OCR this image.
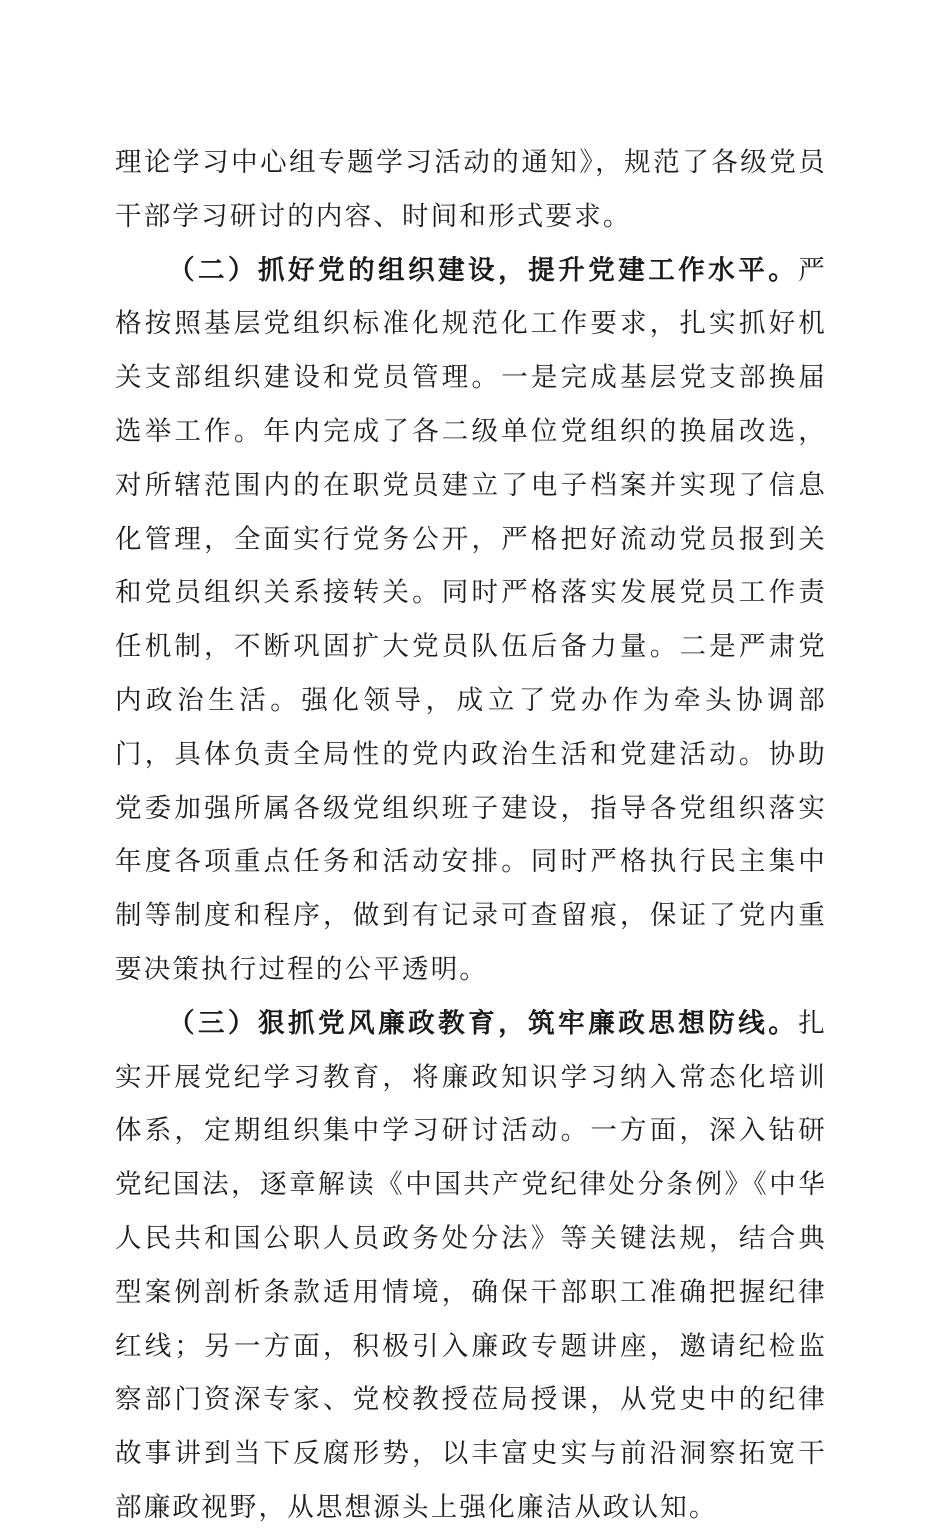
理论学习中心组专题学习活动的通知》，规范了各级党员干部学习研讨的内容、时间和形式要求。

（二）抓好党的组织建设，提升党建工作水平。严格按照基层党组织标准化规范化工作要求，扎实抓好机关支部组织建设和党员管理。一是完成基层党支部换届选举工作。年内完成了各二级单位党组织的换届改选，对所辖范围内的在职党员建立了电子档案并实现了信息化管理，全面实行党务公开，严格把好流动党员报到关和党员组织关系接转关。同时严格落实发展党员工作责任机制，不断巩固扩大党员队伍后备力量。二是严肃党内政治生活。强化领导，成立了党办作为牵头协调部门，具体负责全局性的党内政治生活和党建活动。协助党委加强所属各级党组织班子建设，指导各党组织落实年度各项重点任务和活动安排。同时严格执行民主集中制等制度和程序，做到有记录可查留痕，保证了党内重要决策执行过程的公平透明。

（三）狠抓党风廉政教育，筑牢廉政思想防线。扎实开展党纪学习教育，将廉政知识学习纳入常态化培训体系，定期组织集中学习研讨活动。一方面，深入钻研党纪国法，逐章解读《中国共产党纪律处分条例》《中华人民共和国公职人员政务处分法》等关键法规，结合典型案例剖析条款适用情境，确保干部职工准确把握纪律红线；另一方面，积极引入廉政专题讲座，邀请纪检监察部门资深专家、党校教授莅局授课，从党史中的纪律故事讲到当下反腐形势，以丰富史实与前沿洞察拓宽干部廉政视野，从思想源头上强化廉洁从政认知。
